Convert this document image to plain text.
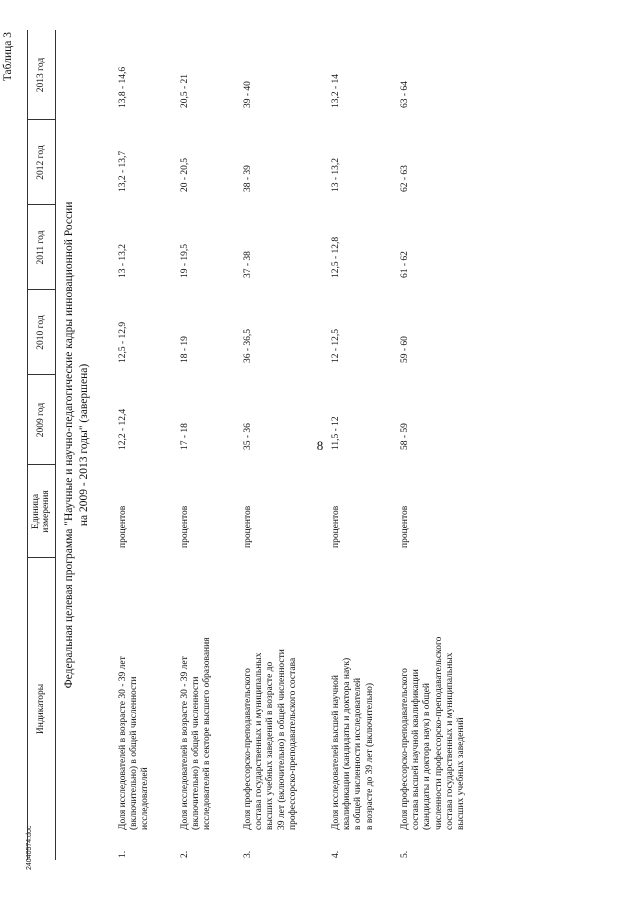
8
24040574.doc
Таблица 3
Индикаторы
Единица измерения
2009 год
2010 год
2011 год
2012 год
2013 год
Федеральная целевая программа "Научные и научно-педагогические кадры инновационной России на 2009 - 2013 годы" (завершена)
1.
Доля исследователей в возрасте 30 - 39 лет (включительно) в общей численности исследователей
процентов
12,2 - 12,4
12,5 - 12,9
13 - 13,2
13,2 - 13,7
13,8 - 14,6
2.
Доля исследователей в возрасте 30 - 39 лет (включительно) в общей численности исследователей в секторе высшего образования
процентов
17 - 18
18 - 19
19 - 19,5
20 - 20,5
20,5 - 21
3.
Доля профессорско-преподавательского состава государственных и муниципальных высших учебных заведений в возрасте до 39 лет (включительно) в общей численности профессорско-преподавательского состава
процентов
35 - 36
36 - 36,5
37 - 38
38 - 39
39 - 40
4.
Доля исследователей высшей научной квалификации (кандидаты и доктора наук) в общей численности исследователей в возрасте до 39 лет (включительно)
процентов
11,5 - 12
12 - 12,5
12,5 - 12,8
13 - 13,2
13,2 - 14
5.
Доля профессорско-преподавательского состава высшей научной квалификации (кандидаты и доктора наук) в общей численности профессорско-преподавательского состава государственных и муниципальных высших учебных заведений
процентов
58 - 59
59 - 60
61 - 62
62 - 63
63 - 64
